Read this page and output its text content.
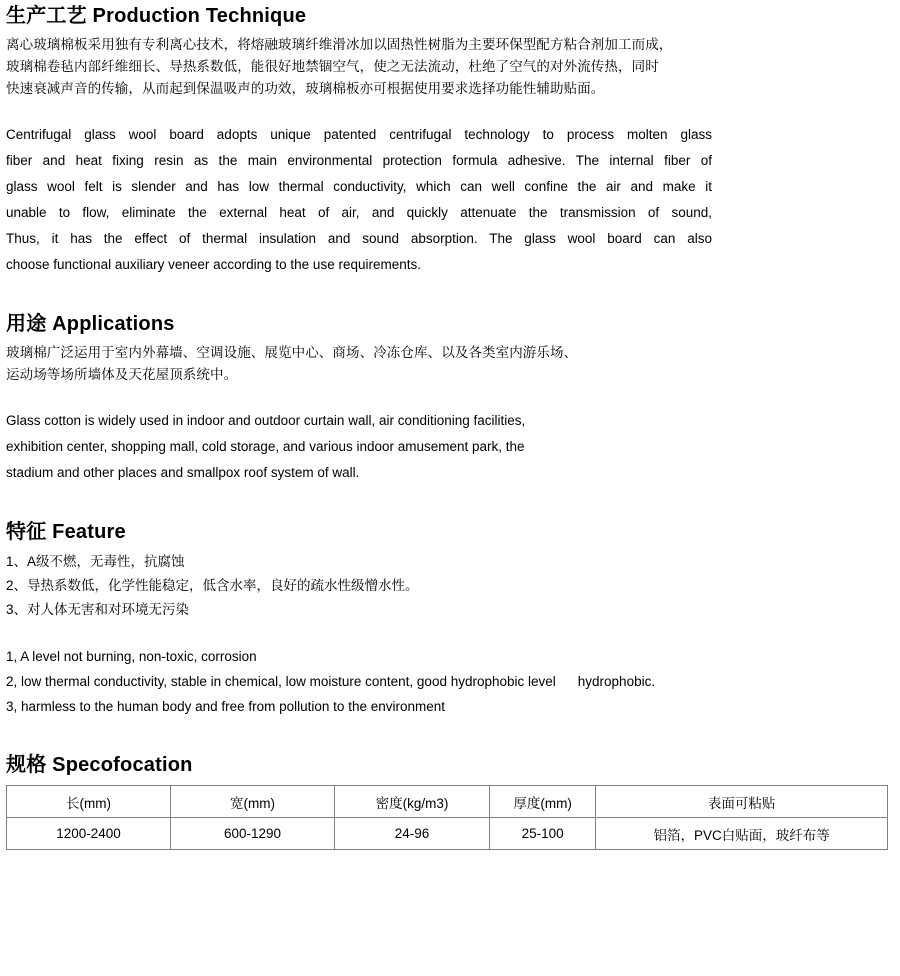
生产工艺 Production Technique
离心玻璃棉板采用独有专利离心技术，将熔融玻璃纤维滑冰加以固热性树脂为主要环保型配方粘合剂加工而成，
玻璃棉卷毡内部纤维细长、导热系数低，能很好地禁锢空气，使之无法流动，杜绝了空气的对外流传热，同时
快速衰减声音的传输，从而起到保温吸声的功效，玻璃棉板亦可根据使用要求选择功能性辅助贴面。
Centrifugal glass wool board adopts unique patented centrifugal technology to process molten glass
fiber and heat fixing resin as the main environmental protection formula adhesive. The internal fiber of
glass wool felt is slender and has low thermal conductivity, which can well confine the air and make it
unable to flow, eliminate the external heat of air, and quickly attenuate the transmission of sound,
Thus, it has the effect of thermal insulation and sound absorption. The glass wool board can also
choose functional auxiliary veneer according to the use requirements.
用途 Applications
玻璃棉广泛运用于室内外幕墙、空调设施、展览中心、商场、冷冻仓库、以及各类室内游乐场、
运动场等场所墙体及天花屋顶系统中。
Glass cotton is widely used in indoor and outdoor curtain wall, air conditioning facilities,
exhibition center, shopping mall, cold storage, and various indoor amusement park, the
stadium and other places and smallpox roof system of wall.
特征 Feature
1、A级不燃，无毒性，抗腐蚀
2、导热系数低，化学性能稳定，低含水率，良好的疏水性级憎水性。
3、对人体无害和对环境无污染
1, A level not burning, non-toxic, corrosion
2, low thermal conductivity, stable in chemical, low moisture content, good hydrophobic level hydrophobic.
3, harmless to the human body and free from pollution to the environment
规格 Specofocation
长(mm)	宽(mm)	密度(kg/m3)	厚度(mm)	表面可粘贴
1200-2400	600-1290	24-96	25-100	铝箔，PVC白贴面，玻纤布等
